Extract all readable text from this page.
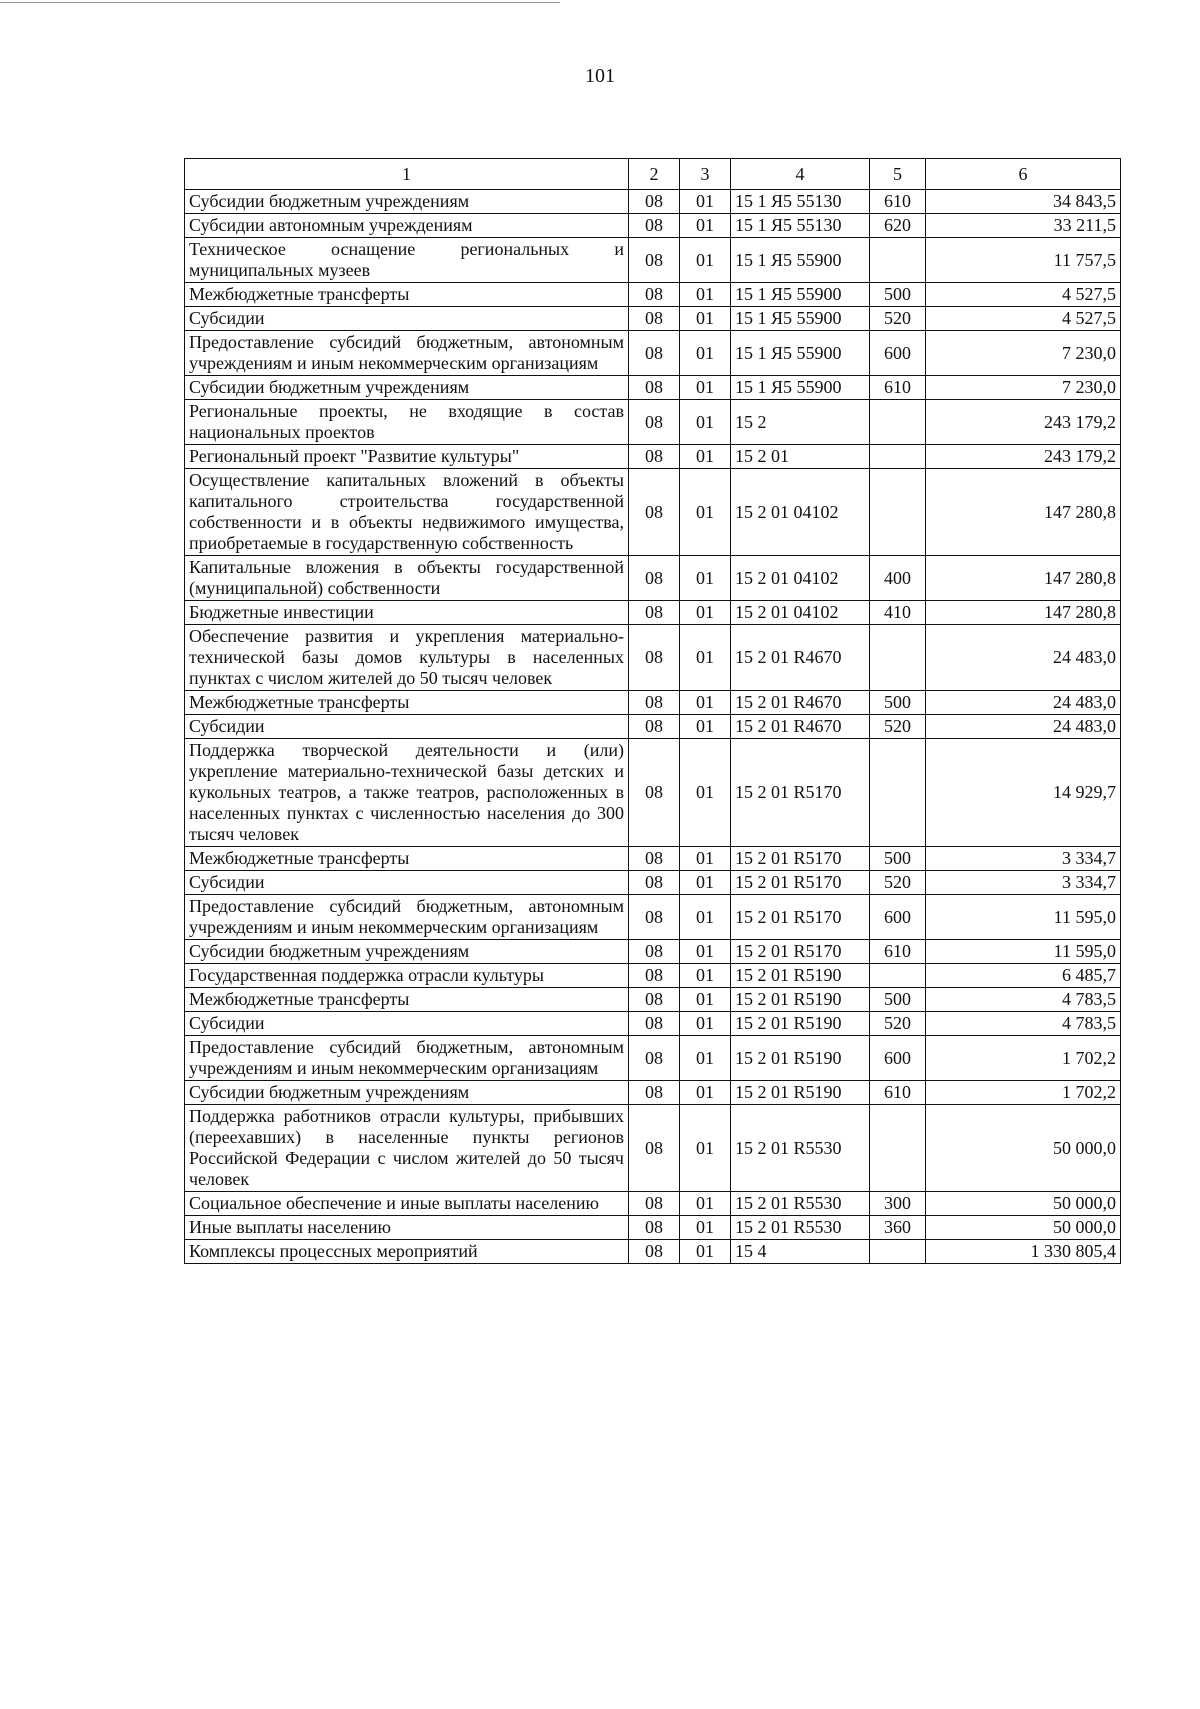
101
1	2	3	4	5	6
Субсидии бюджетным учреждениям	08	01	15 1 Я5 55130	610	34 843,5
Субсидии автономным учреждениям	08	01	15 1 Я5 55130	620	33 211,5
Техническое оснащение региональных и муниципальных музеев	08	01	15 1 Я5 55900		11 757,5
Межбюджетные трансферты	08	01	15 1 Я5 55900	500	4 527,5
Субсидии	08	01	15 1 Я5 55900	520	4 527,5
Предоставление субсидий бюджетным, автономным учреждениям и иным некоммерческим организациям	08	01	15 1 Я5 55900	600	7 230,0
Субсидии бюджетным учреждениям	08	01	15 1 Я5 55900	610	7 230,0
Региональные проекты, не входящие в состав национальных проектов	08	01	15 2		243 179,2
Региональный проект "Развитие культуры"	08	01	15 2 01		243 179,2
Осуществление капитальных вложений в объекты капитального строительства государственной собственности и в объекты недвижимого имущества, приобретаемые в государственную собственность	08	01	15 2 01 04102		147 280,8
Капитальные вложения в объекты государственной (муниципальной) собственности	08	01	15 2 01 04102	400	147 280,8
Бюджетные инвестиции	08	01	15 2 01 04102	410	147 280,8
Обеспечение развития и укрепления материально-технической базы домов культуры в населенных пунктах с числом жителей до 50 тысяч человек	08	01	15 2 01 R4670		24 483,0
Межбюджетные трансферты	08	01	15 2 01 R4670	500	24 483,0
Субсидии	08	01	15 2 01 R4670	520	24 483,0
Поддержка творческой деятельности и (или) укрепление материально-технической базы детских и кукольных театров, а также театров, расположенных в населенных пунктах с численностью населения до 300 тысяч человек	08	01	15 2 01 R5170		14 929,7
Межбюджетные трансферты	08	01	15 2 01 R5170	500	3 334,7
Субсидии	08	01	15 2 01 R5170	520	3 334,7
Предоставление субсидий бюджетным, автономным учреждениям и иным некоммерческим организациям	08	01	15 2 01 R5170	600	11 595,0
Субсидии бюджетным учреждениям	08	01	15 2 01 R5170	610	11 595,0
Государственная поддержка отрасли культуры	08	01	15 2 01 R5190		6 485,7
Межбюджетные трансферты	08	01	15 2 01 R5190	500	4 783,5
Субсидии	08	01	15 2 01 R5190	520	4 783,5
Предоставление субсидий бюджетным, автономным учреждениям и иным некоммерческим организациям	08	01	15 2 01 R5190	600	1 702,2
Субсидии бюджетным учреждениям	08	01	15 2 01 R5190	610	1 702,2
Поддержка работников отрасли культуры, прибывших (переехавших) в населенные пункты регионов Российской Федерации с числом жителей до 50 тысяч человек	08	01	15 2 01 R5530		50 000,0
Социальное обеспечение и иные выплаты населению	08	01	15 2 01 R5530	300	50 000,0
Иные выплаты населению	08	01	15 2 01 R5530	360	50 000,0
Комплексы процессных мероприятий	08	01	15 4		1 330 805,4
